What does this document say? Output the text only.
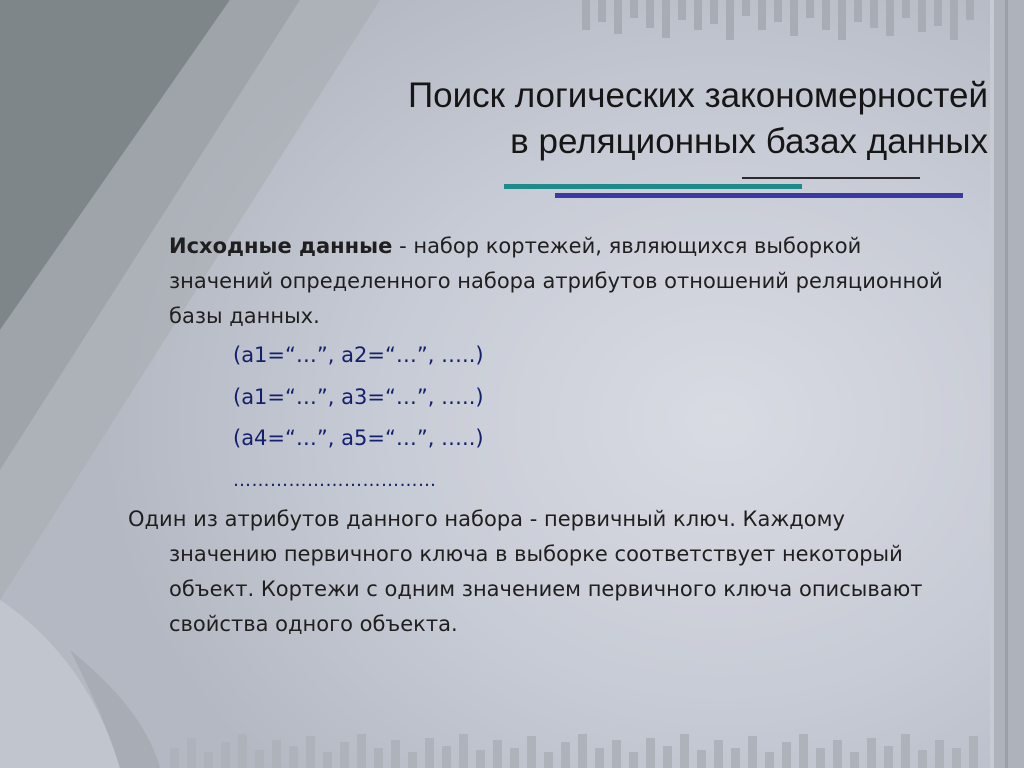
Поиск логических закономерностей
в реляционных базах данных
Исходные данные - набор кортежей, являющихся выборкой значений определенного набора атрибутов отношений реляционной базы данных.
(a1=“…”, a2=“…”, …..)
(a1=“…”, a3=“…”, …..)
(a4=“…”, a5=“…”, …..)
……………………………
Один из атрибутов данного набора - первичный ключ. Каждому
значению первичного ключа в выборке соответствует некоторый объект. Кортежи с одним значением первичного ключа описывают свойства одного объекта.
